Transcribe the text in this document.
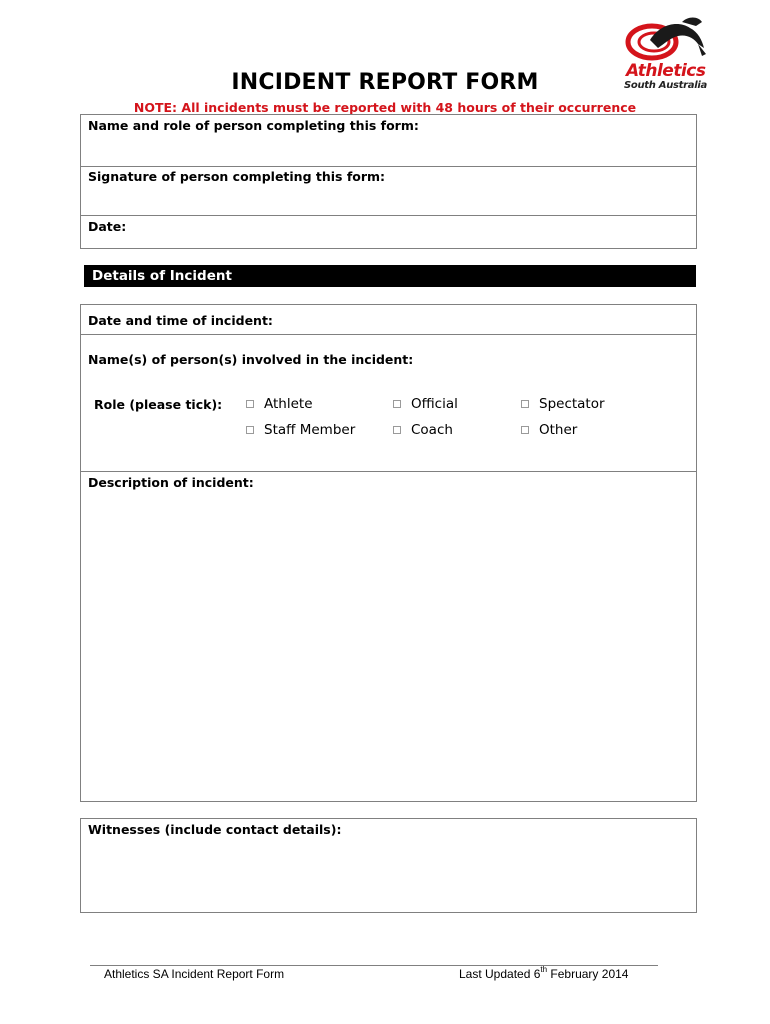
Athletics
South Australia
INCIDENT REPORT FORM
NOTE: All incidents must be reported with 48 hours of their occurrence
Name and role of person completing this form:
Signature of person completing this form:
Date:
Details of Incident
Date and time of incident:
Name(s) of person(s) involved in the incident:
Role (please tick):	Athlete	Official	Spectator
Staff Member	Coach	Other
Description of incident:
Witnesses (include contact details):
Athletics SA Incident Report Form	Last Updated 6th February 2014
